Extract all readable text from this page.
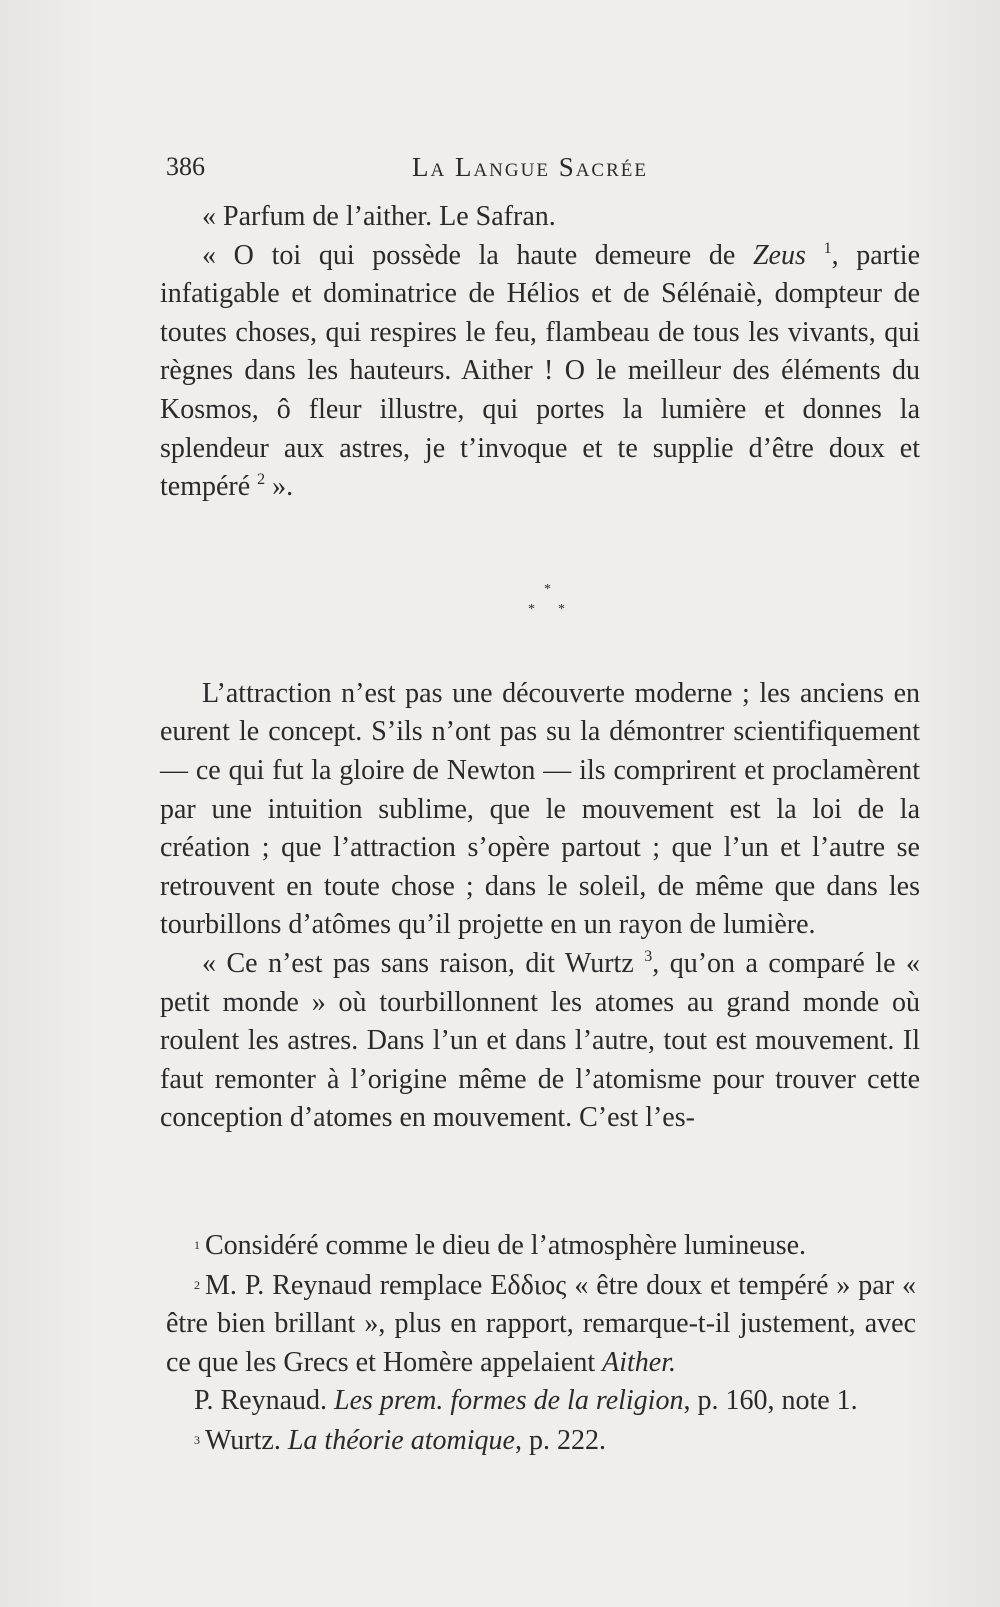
386	La Langue Sacrée

« Parfum de l’aither. Le Safran.

« O toi qui possède la haute demeure de Zeus $^1$, partie infatigable et dominatrice de Hélios et de Sélénaiè, dompteur de toutes choses, qui respires le feu, flambeau de tous les vivants, qui règnes dans les hauteurs. Aither ! O le meilleur des éléments du Kosmos, ô fleur illustre, qui portes la lumière et donnes la splendeur aux astres, je t’invoque et te supplie d’être doux et tempéré $^2$ ».

*
* *

L’attraction n’est pas une découverte moderne ; les anciens en eurent le concept. S’ils n’ont pas su la démontrer scientifiquement — ce qui fut la gloire de Newton — ils comprirent et proclamèrent par une intuition sublime, que le mouvement est la loi de la création ; que l’attraction s’opère partout ; que l’un et l’autre se retrouvent en toute chose ; dans le soleil, de même que dans les tourbillons d’atômes qu’il projette en un rayon de lumière.

« Ce n’est pas sans raison, dit Wurtz $^3$, qu’on a comparé le « petit monde » où tourbillonnent les atomes au grand monde où roulent les astres. Dans l’un et dans l’autre, tout est mouvement. Il faut remonter à l’origine même de l’atomisme pour trouver cette conception d’atomes en mouvement. C’est l’es-

1 Considéré comme le dieu de l’atmosphère lumineuse.

2 M. P. Reynaud remplace Eδδιος « être doux et tempéré » par « être bien brillant », plus en rapport, remarque-t-il justement, avec ce que les Grecs et Homère appelaient Aither.

P. Reynaud. Les prem. formes de la religion, p. 160, note 1.

3 Wurtz. La théorie atomique, p. 222.
